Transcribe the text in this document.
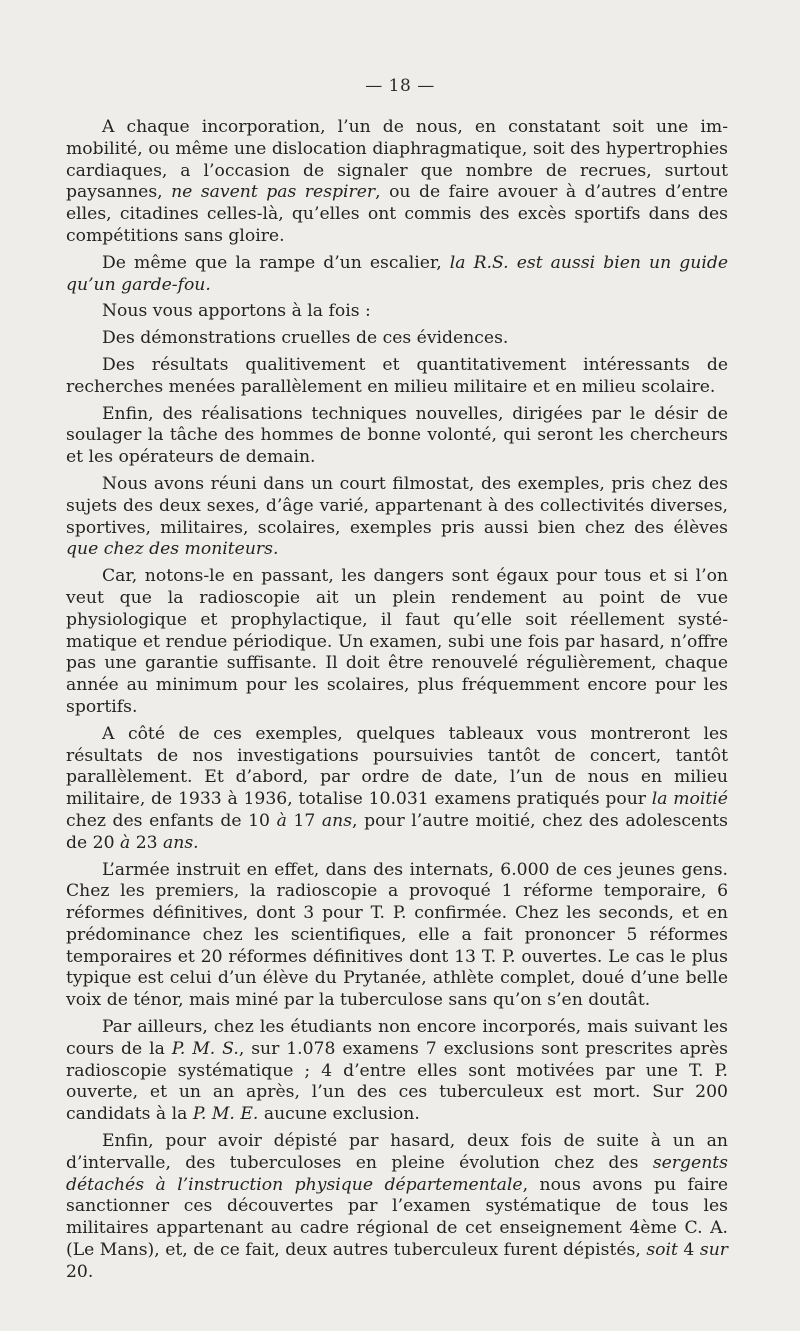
— 18 —

A chaque incorporation, l’un de nous, en constatant soit une immobilité, ou même une dislocation diaphragmatique, soit des hypertrophies cardiaques, a l’occasion de signaler que nombre de recrues, surtout paysannes, ne savent pas respirer, ou de faire avouer à d’autres d’entre elles, citadines celles-là, qu’elles ont commis des excès sportifs dans des compétitions sans gloire.

De même que la rampe d’un escalier, la R.S. est aussi bien un guide qu’un garde-fou.

Nous vous apportons à la fois :

Des démonstrations cruelles de ces évidences.

Des résultats qualitivement et quantitativement intéressants de recherches menées parallèlement en milieu militaire et en milieu scolaire.

Enfin, des réalisations techniques nouvelles, dirigées par le désir de soulager la tâche des hommes de bonne volonté, qui seront les chercheurs et les opérateurs de demain.

Nous avons réuni dans un court filmostat, des exemples, pris chez des sujets des deux sexes, d’âge varié, appartenant à des collectivités diverses, sportives, militaires, scolaires, exemples pris aussi bien chez des élèves que chez des moniteurs.

Car, notons-le en passant, les dangers sont égaux pour tous et si l’on veut que la radioscopie ait un plein rendement au point de vue physiologique et prophylactique, il faut qu’elle soit réellement systématique et rendue périodique. Un examen, subi une fois par hasard, n’offre pas une garantie suffisante. Il doit être renouvelé régulièrement, chaque année au minimum pour les scolaires, plus fréquemment encore pour les sportifs.

A côté de ces exemples, quelques tableaux vous montreront les résultats de nos investigations poursuivies tantôt de concert, tantôt parallèlement. Et d’abord, par ordre de date, l’un de nous en milieu militaire, de 1933 à 1936, totalise 10.031 examens pratiqués pour la moitié chez des enfants de 10 à 17 ans, pour l’autre moitié, chez des adolescents de 20 à 23 ans.

L’armée instruit en effet, dans des internats, 6.000 de ces jeunes gens. Chez les premiers, la radioscopie a provoqué 1 réforme temporaire, 6 réformes définitives, dont 3 pour T. P. confirmée. Chez les seconds, et en prédominance chez les scientifiques, elle a fait prononcer 5 réformes temporaires et 20 réformes définitives dont 13 T. P. ouvertes. Le cas le plus typique est celui d’un élève du Prytanée, athlète complet, doué d’une belle voix de ténor, mais miné par la tuberculose sans qu’on s’en doutât.

Par ailleurs, chez les étudiants non encore incorporés, mais suivant les cours de la P. M. S., sur 1.078 examens 7 exclusions sont prescrites après radioscopie systématique ; 4 d’entre elles sont motivées par une T. P. ouverte, et un an après, l’un des ces tuberculeux est mort. Sur 200 candidats à la P. M. E. aucune exclusion.

Enfin, pour avoir dépisté par hasard, deux fois de suite à un an d’intervalle, des tuberculoses en pleine évolution chez des sergents détachés à l’instruction physique départementale, nous avons pu faire sanctionner ces découvertes par l’examen systématique de tous les militaires appartenant au cadre régional de cet enseignement 4ème C. A. (Le Mans), et, de ce fait, deux autres tuberculeux furent dépistés, soit 4 sur 20.
